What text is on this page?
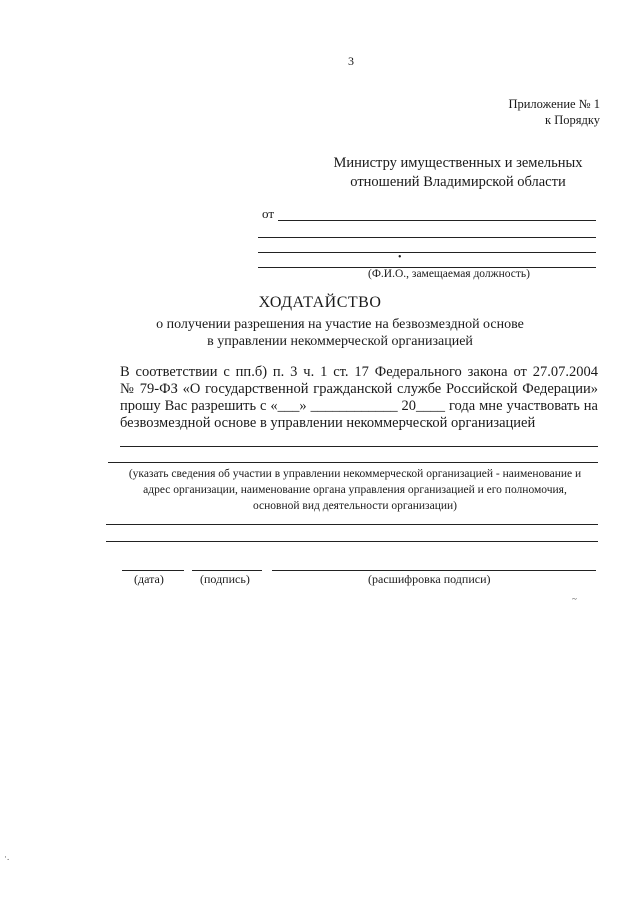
3
Приложение № 1
к Порядку
Министру имущественных и земельных
отношений Владимирской области
от
•
(Ф.И.О., замещаемая должность)
ХОДАТАЙСТВО
о получении разрешения на участие на безвозмездной основе
в управлении некоммерческой организацией

В соответствии с пп.б) п. 3 ч. 1 ст. 17 Федерального закона от 27.07.2004

№ 79-ФЗ «О государственной гражданской службе Российской Федерации»

прошу Вас разрешить с «___» ____________ 20____ года мне участвовать на

безвозмездной основе в управлении некоммерческой организацией

(указать сведения об участии в управлении некоммерческой организацией - наименование и
адрес организации, наименование органа управления организацией и его полномочия,
основной вид деятельности организации)
(дата)	(подпись)	(расшифровка подписи)
~
·.
